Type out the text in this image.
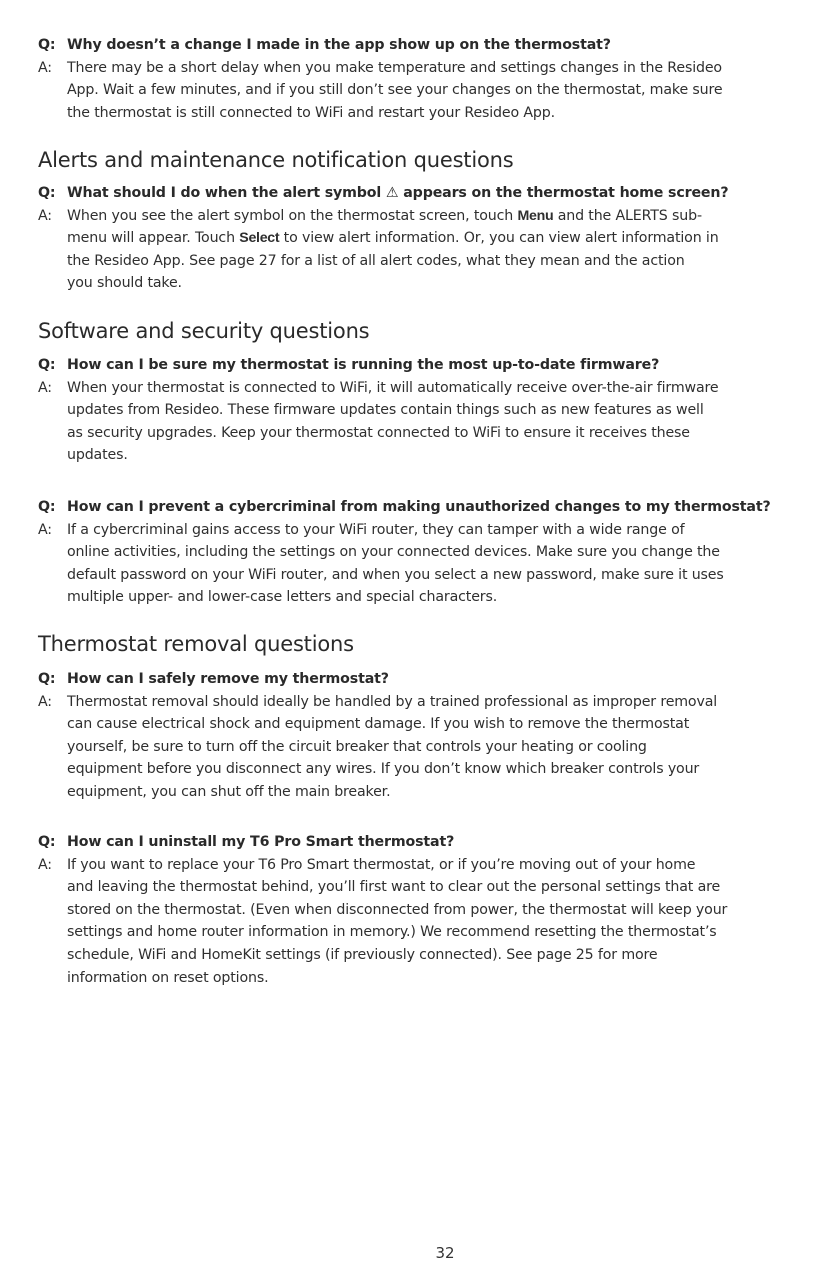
Q: Why doesn’t a change I made in the app show up on the thermostat?
A:	There may be a short delay when you make temperature and settings changes in the Resideo
App. Wait a few minutes, and if you still don’t see your changes on the thermostat, make sure
the thermostat is still connected to WiFi and restart your Resideo App.
Alerts and maintenance notification questions
Q: What should I do when the alert symbol ⚠ appears on the thermostat home screen?
A:	When you see the alert symbol on the thermostat screen, touch Menu and the ALERTS sub-
menu will appear. Touch Select to view alert information. Or, you can view alert information in
the Resideo App. See page 27 for a list of all alert codes, what they mean and the action
you should take.
Software and security questions
Q: How can I be sure my thermostat is running the most up-to-date firmware?
A:	When your thermostat is connected to WiFi, it will automatically receive over-the-air firmware
updates from Resideo. These firmware updates contain things such as new features as well
as security upgrades. Keep your thermostat connected to WiFi to ensure it receives these
updates.
Q: How can I prevent a cybercriminal from making unauthorized changes to my thermostat?
A:	If a cybercriminal gains access to your WiFi router, they can tamper with a wide range of
online activities, including the settings on your connected devices. Make sure you change the
default password on your WiFi router, and when you select a new password, make sure it uses
multiple upper- and lower-case letters and special characters.
Thermostat removal questions
Q: How can I safely remove my thermostat?
A:	Thermostat removal should ideally be handled by a trained professional as improper removal
can cause electrical shock and equipment damage. If you wish to remove the thermostat
yourself, be sure to turn off the circuit breaker that controls your heating or cooling
equipment before you disconnect any wires. If you don’t know which breaker controls your
equipment, you can shut off the main breaker.
Q: How can I uninstall my T6 Pro Smart thermostat?
A:	If you want to replace your T6 Pro Smart thermostat, or if you’re moving out of your home
and leaving the thermostat behind, you’ll first want to clear out the personal settings that are
stored on the thermostat. (Even when disconnected from power, the thermostat will keep your
settings and home router information in memory.) We recommend resetting the thermostat’s
schedule, WiFi and HomeKit settings (if previously connected). See page 25 for more
information on reset options.
32
